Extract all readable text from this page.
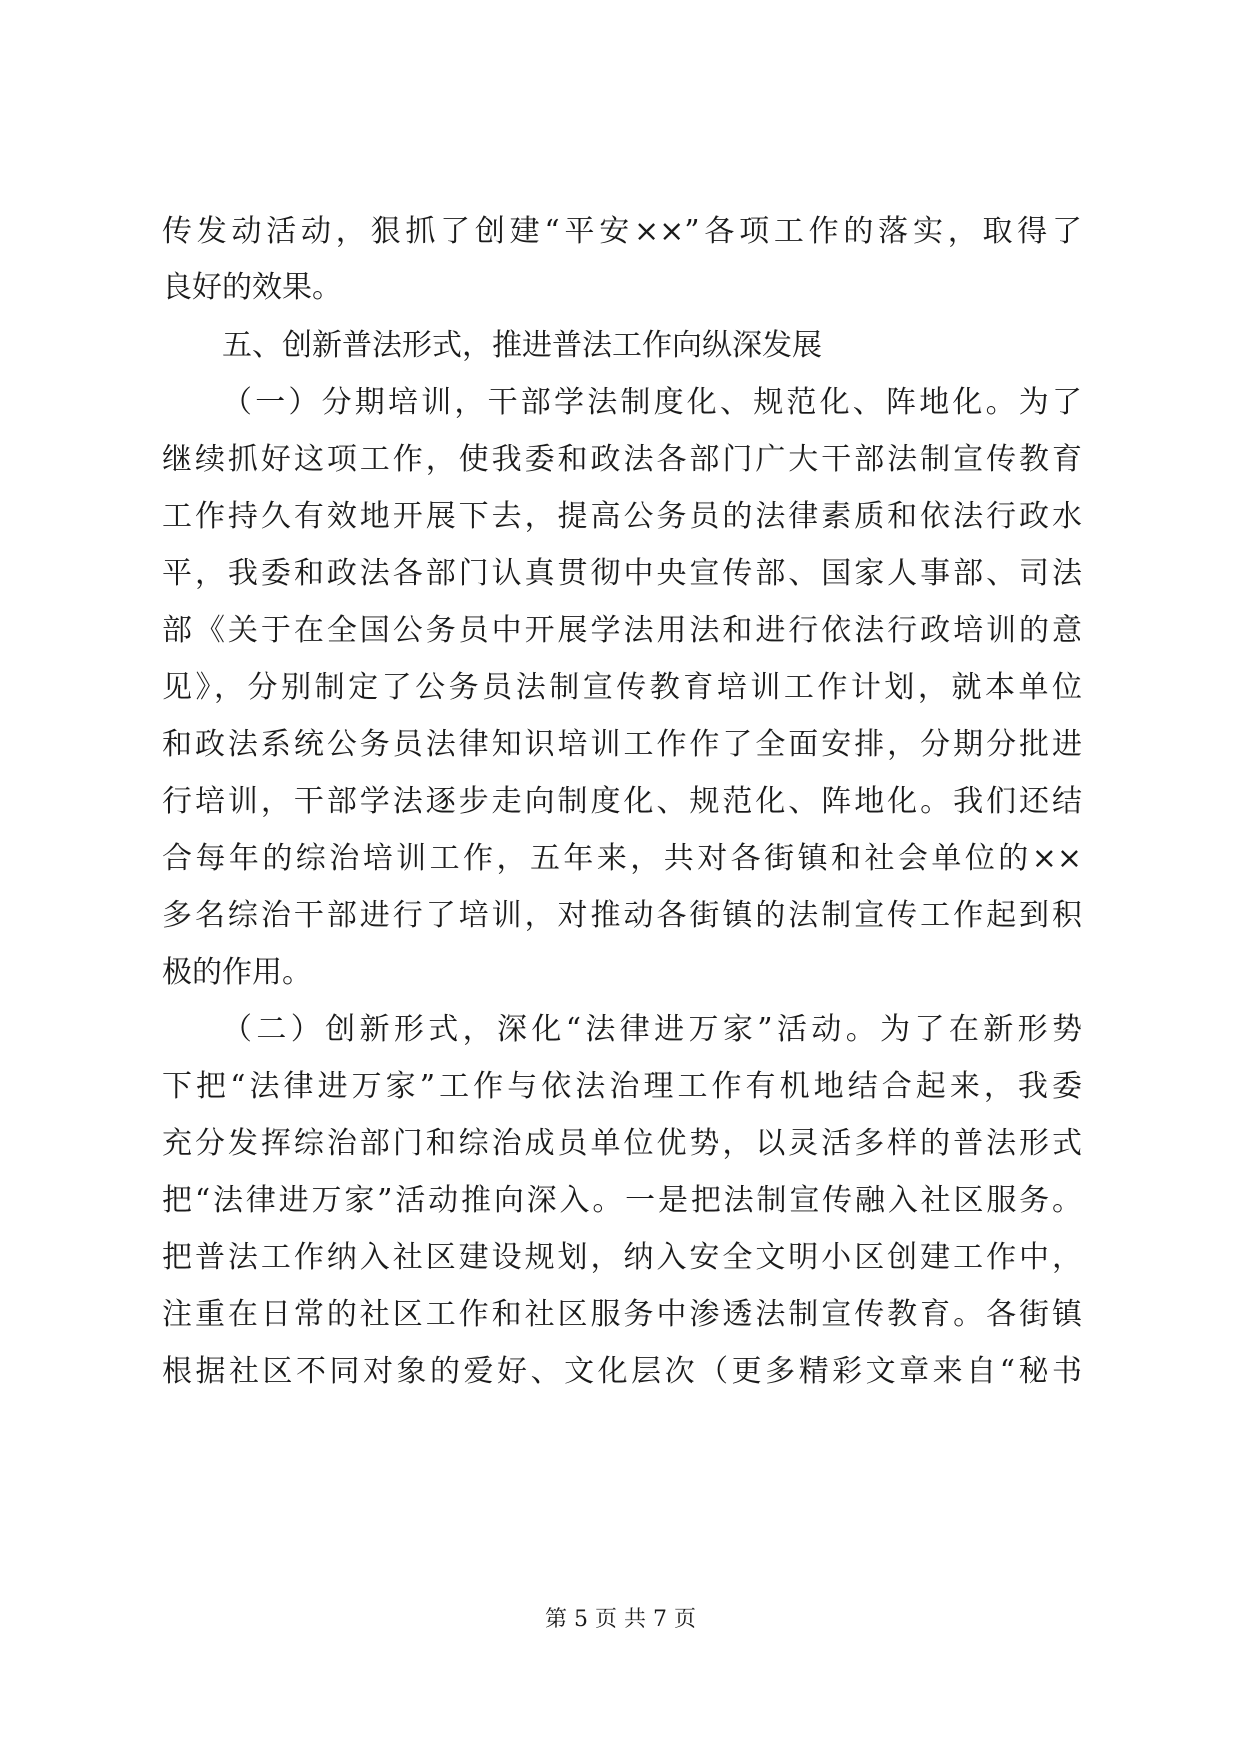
传发动活动，狠抓了创建“平安××”各项工作的落实，取得了
良好的效果。
五、创新普法形式，推进普法工作向纵深发展
（一）分期培训，干部学法制度化、规范化、阵地化。为了
继续抓好这项工作，使我委和政法各部门广大干部法制宣传教育
工作持久有效地开展下去，提高公务员的法律素质和依法行政水
平，我委和政法各部门认真贯彻中央宣传部、国家人事部、司法
部《关于在全国公务员中开展学法用法和进行依法行政培训的意
见》，分别制定了公务员法制宣传教育培训工作计划，就本单位
和政法系统公务员法律知识培训工作作了全面安排，分期分批进
行培训，干部学法逐步走向制度化、规范化、阵地化。我们还结
合每年的综治培训工作，五年来，共对各街镇和社会单位的××
多名综治干部进行了培训，对推动各街镇的法制宣传工作起到积
极的作用。
（二）创新形式，深化“法律进万家”活动。为了在新形势
下把“法律进万家”工作与依法治理工作有机地结合起来，我委
充分发挥综治部门和综治成员单位优势，以灵活多样的普法形式
把“法律进万家”活动推向深入。一是把法制宣传融入社区服务。
把普法工作纳入社区建设规划，纳入安全文明小区创建工作中，
注重在日常的社区工作和社区服务中渗透法制宣传教育。各街镇
根据社区不同对象的爱好、文化层次（更多精彩文章来自“秘书
第 5 页 共 7 页
